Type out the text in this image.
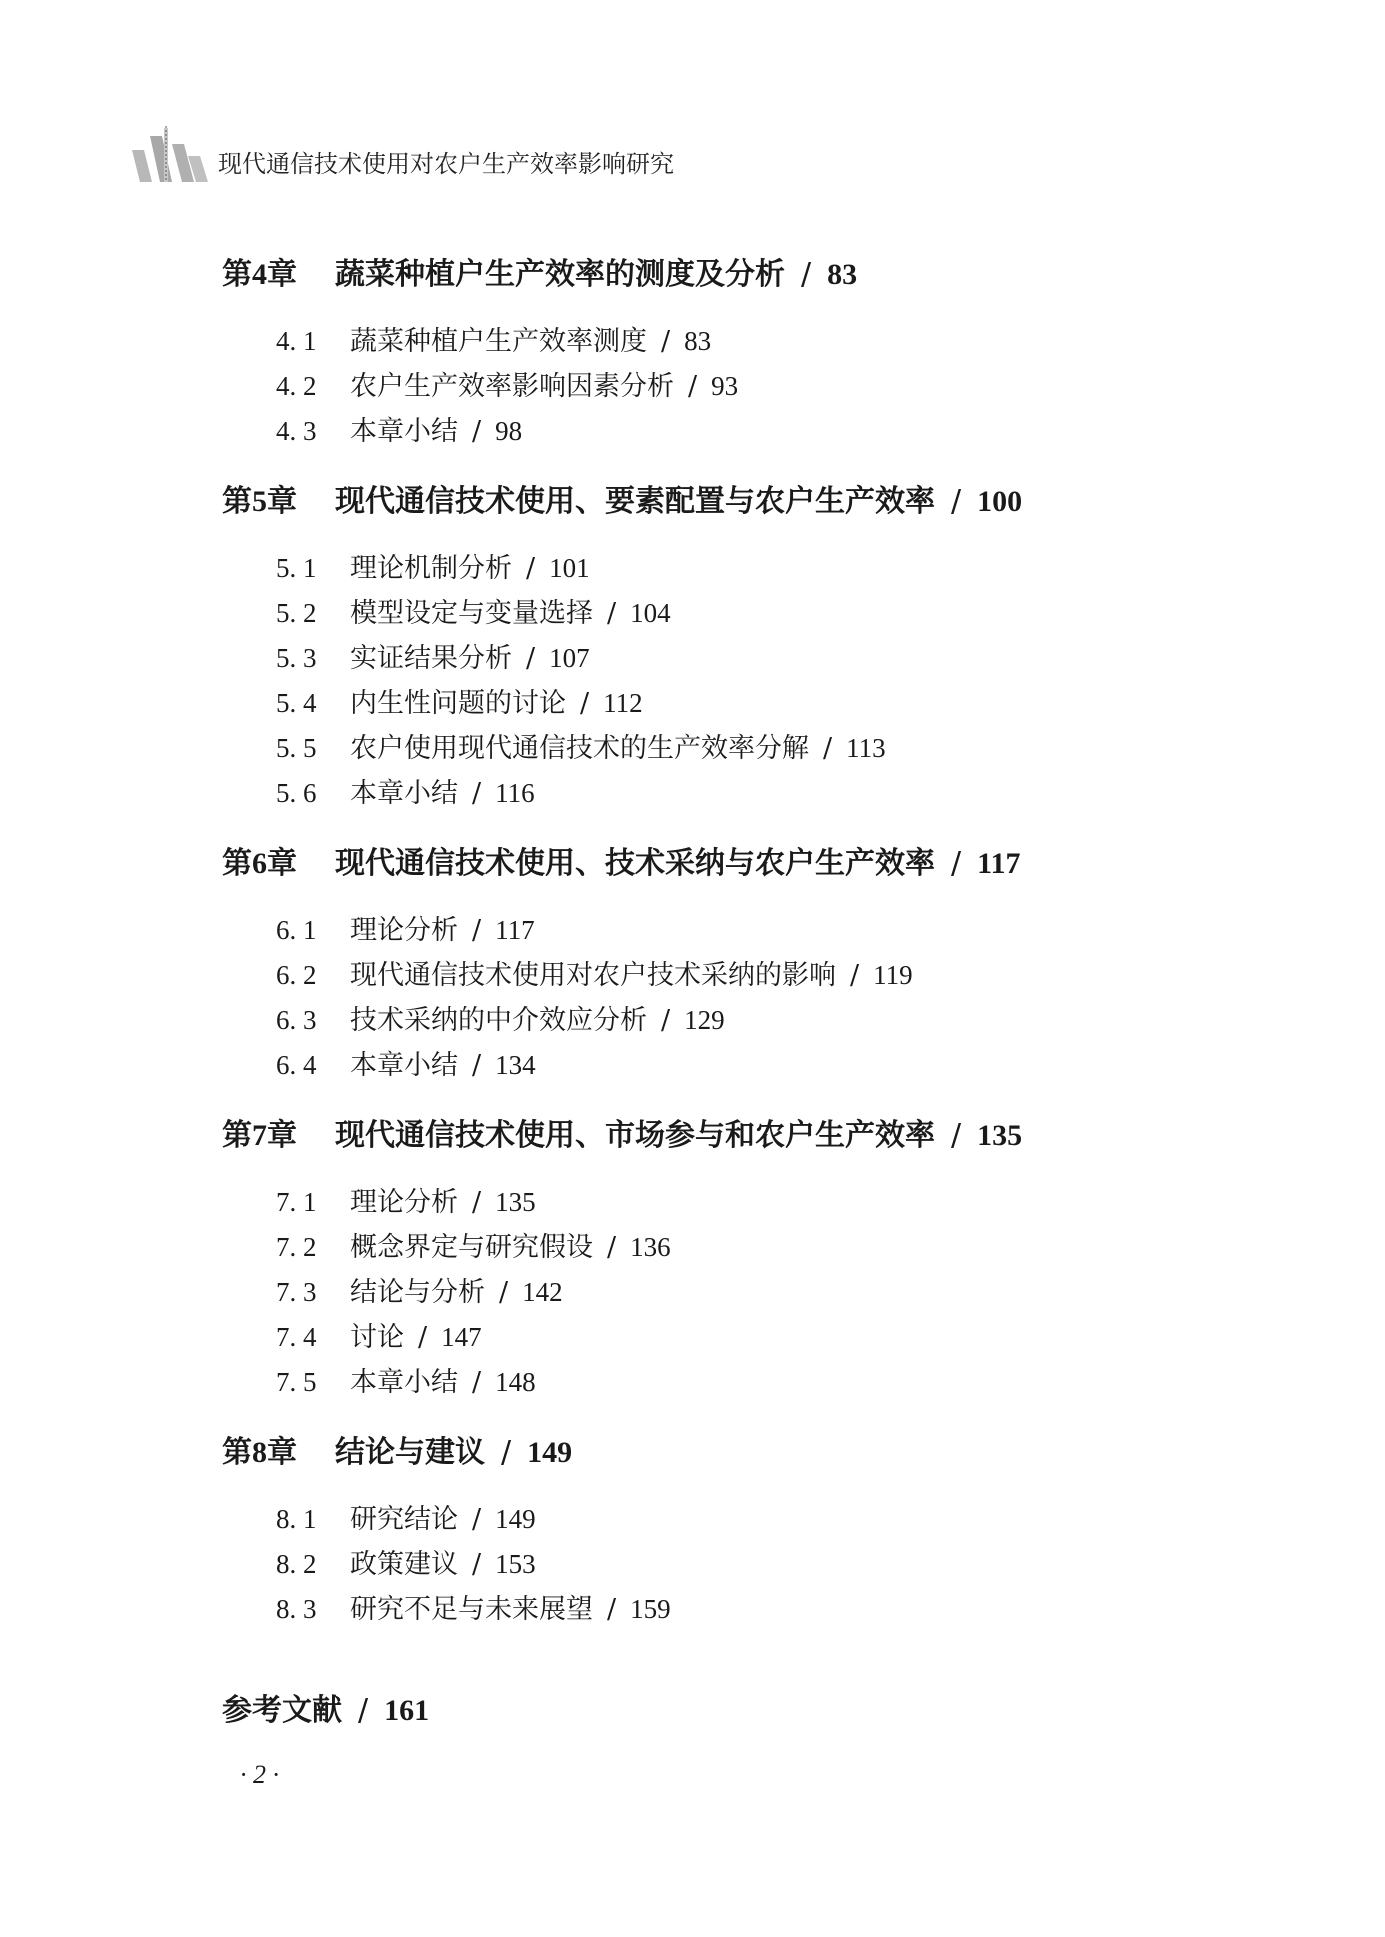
现代通信技术使用对农户生产效率影响研究
第4章 蔬菜种植户生产效率的测度及分析 / 83
4. 1 蔬菜种植户生产效率测度 / 83
4. 2 农户生产效率影响因素分析 / 93
4. 3 本章小结 / 98
第5章 现代通信技术使用、要素配置与农户生产效率 / 100
5. 1 理论机制分析 / 101
5. 2 模型设定与变量选择 / 104
5. 3 实证结果分析 / 107
5. 4 内生性问题的讨论 / 112
5. 5 农户使用现代通信技术的生产效率分解 / 113
5. 6 本章小结 / 116
第6章 现代通信技术使用、技术采纳与农户生产效率 / 117
6. 1 理论分析 / 117
6. 2 现代通信技术使用对农户技术采纳的影响 / 119
6. 3 技术采纳的中介效应分析 / 129
6. 4 本章小结 / 134
第7章 现代通信技术使用、市场参与和农户生产效率 / 135
7. 1 理论分析 / 135
7. 2 概念界定与研究假设 / 136
7. 3 结论与分析 / 142
7. 4 讨论 / 147
7. 5 本章小结 / 148
第8章 结论与建议 / 149
8. 1 研究结论 / 149
8. 2 政策建议 / 153
8. 3 研究不足与未来展望 / 159
参考文献 / 161
· 2 ·
